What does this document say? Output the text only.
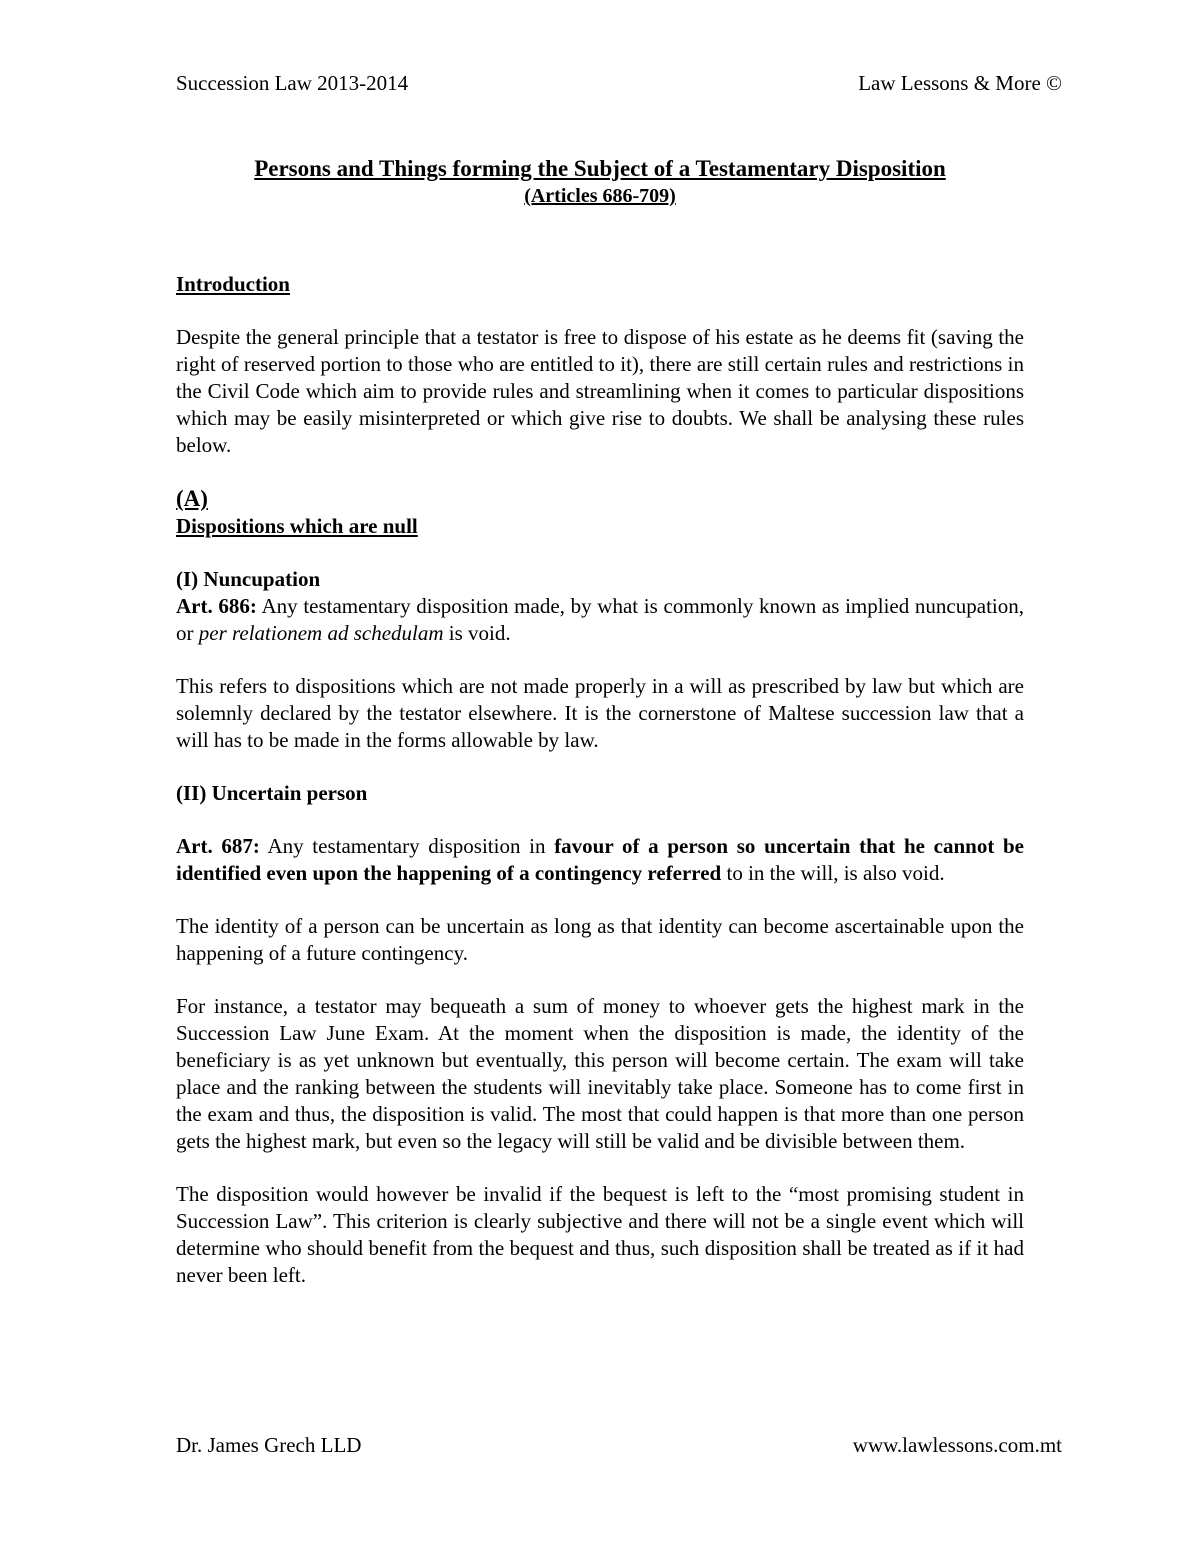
Succession Law 2013-2014	Law Lessons & More ©
Persons and Things forming the Subject of a Testamentary Disposition
(Articles 686-709)
Introduction

Despite the general principle that a testator is free to dispose of his estate as he deems fit (saving the right of reserved portion to those who are entitled to it), there are still certain rules and restrictions in the Civil Code which aim to provide rules and streamlining when it comes to particular dispositions which may be easily misinterpreted or which give rise to doubts. We shall be analysing these rules below.

(A)
Dispositions which are null
(I) Nuncupation

Art. 686: Any testamentary disposition made, by what is commonly known as implied nuncupation, or per relationem ad schedulam is void.

This refers to dispositions which are not made properly in a will as prescribed by law but which are solemnly declared by the testator elsewhere. It is the cornerstone of Maltese succession law that a will has to be made in the forms allowable by law.

(II) Uncertain person

Art. 687: Any testamentary disposition in favour of a person so uncertain that he cannot be identified even upon the happening of a contingency referred to in the will, is also void.

The identity of a person can be uncertain as long as that identity can become ascertainable upon the happening of a future contingency.

For instance, a testator may bequeath a sum of money to whoever gets the highest mark in the Succession Law June Exam. At the moment when the disposition is made, the identity of the beneficiary is as yet unknown but eventually, this person will become certain. The exam will take place and the ranking between the students will inevitably take place. Someone has to come first in the exam and thus, the disposition is valid. The most that could happen is that more than one person gets the highest mark, but even so the legacy will still be valid and be divisible between them.

The disposition would however be invalid if the bequest is left to the “most promising student in Succession Law”. This criterion is clearly subjective and there will not be a single event which will determine who should benefit from the bequest and thus, such disposition shall be treated as if it had never been left.

Dr. James Grech LLD	www.lawlessons.com.mt
